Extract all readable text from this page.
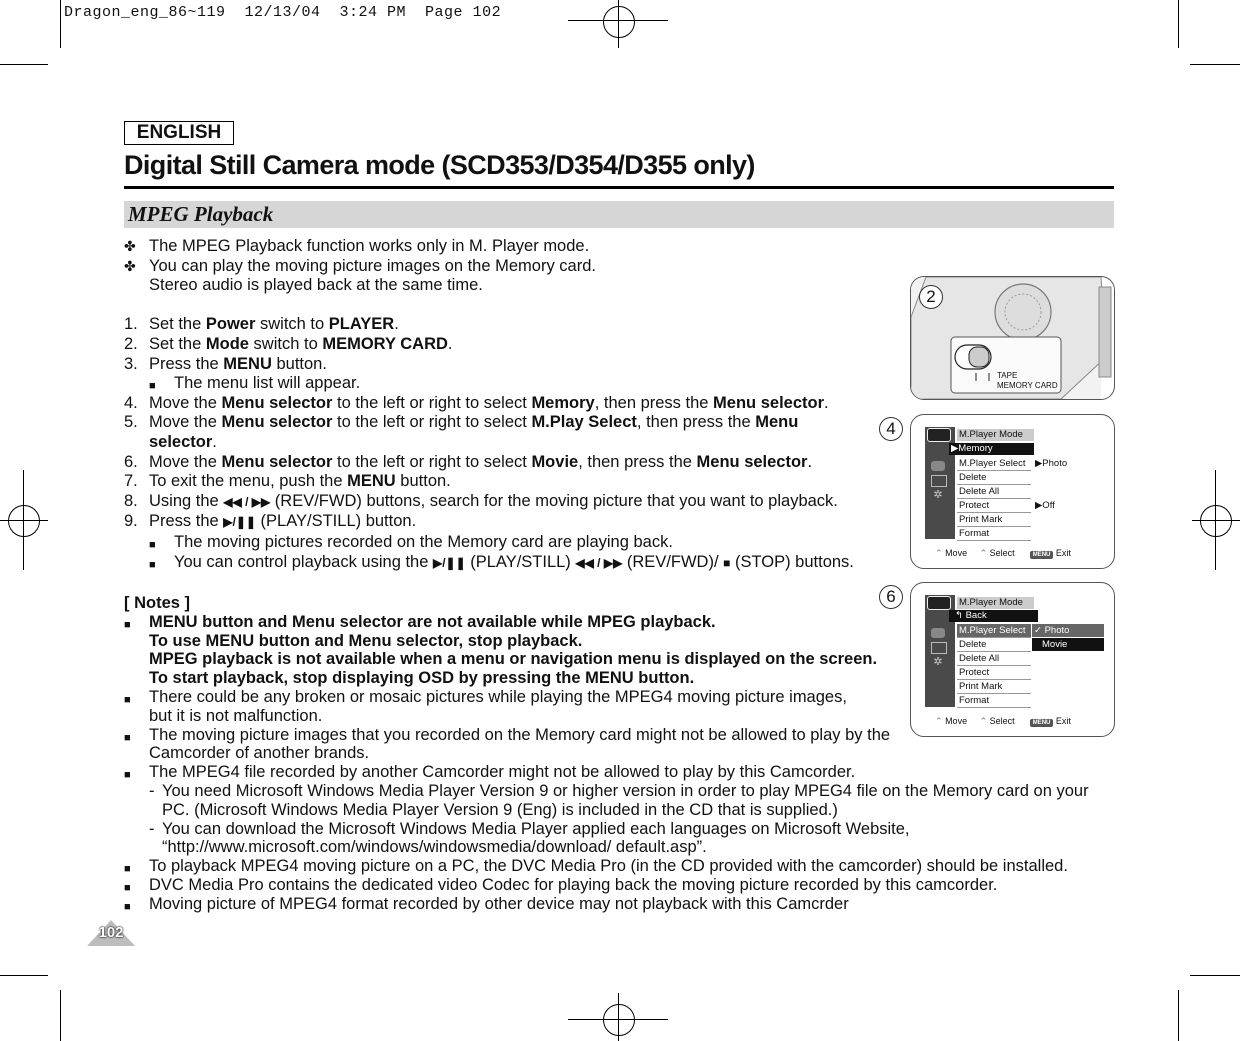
Dragon_eng_86~119  12/13/04  3:24 PM  Page 102
ENGLISH
Digital Still Camera mode (SCD353/D354/D355 only)
MPEG Playback
✤ The MPEG Playback function works only in M. Player mode.
✤ You can play the moving picture images on the Memory card.
Stereo audio is played back at the same time.
1. Set the Power switch to PLAYER.
2. Set the Mode switch to MEMORY CARD.
3. Press the MENU button.
■ The menu list will appear.
4. Move the Menu selector to the left or right to select Memory, then press the Menu selector.
5. Move the Menu selector to the left or right to select M.Play Select, then press the Menu
selector.
6. Move the Menu selector to the left or right to select Movie, then press the Menu selector.
7. To exit the menu, push the MENU button.
8. Using the ◀◀ / ▶▶ (REV/FWD) buttons, search for the moving picture that you want to playback.
9. Press the ▶/❚❚ (PLAY/STILL) button.
■ The moving pictures recorded on the Memory card are playing back.
■ You can control playback using the ▶/❚❚ (PLAY/STILL) ◀◀ / ▶▶ (REV/FWD)/ ■ (STOP) buttons.
[ Notes ]
■ MENU button and Menu selector are not available while MPEG playback.
To use MENU button and Menu selector, stop playback.
MPEG playback is not available when a menu or navigation menu is displayed on the screen.
To start playback, stop displaying OSD by pressing the MENU button.
■ There could be any broken or mosaic pictures while playing the MPEG4 moving picture images,
but it is not malfunction.
■ The moving picture images that you recorded on the Memory card might not be allowed to play by the
Camcorder of another brands.
■ The MPEG4 file recorded by another Camcorder might not be allowed to play by this Camcorder.
- You need Microsoft Windows Media Player Version 9 or higher version in order to play MPEG4 file on the Memory card on your
PC. (Microsoft Windows Media Player Version 9 (Eng) is included in the CD that is supplied.)
- You can download the Microsoft Windows Media Player applied each languages on Microsoft Website,
“http://www.microsoft.com/windows/windowsmedia/download/ default.asp”.
■ To playback MPEG4 moving picture on a PC, the DVC Media Pro (in the CD provided with the camcorder) should be installed.
■ DVC Media Pro contains the dedicated video Codec for playing back the moving picture recorded by this camcorder.
■ Moving picture of MPEG4 format recorded by other device may not playback with this Camcrder
102
2
TAPE
MEMORY CARD
4
✲
M.Player Mode
▶Memory
M.Player Select
Delete
Delete All
Protect
Print Mark
Format
▶Photo
▶Off
⌃ Move ⌃ Select	MENU Exit
6
✲
M.Player Mode
↰ Back
M.Player Select
Delete
Delete All
Protect
Print Mark
Format
✓ Photo
Movie
⌃ Move ⌃ Select	MENU Exit
